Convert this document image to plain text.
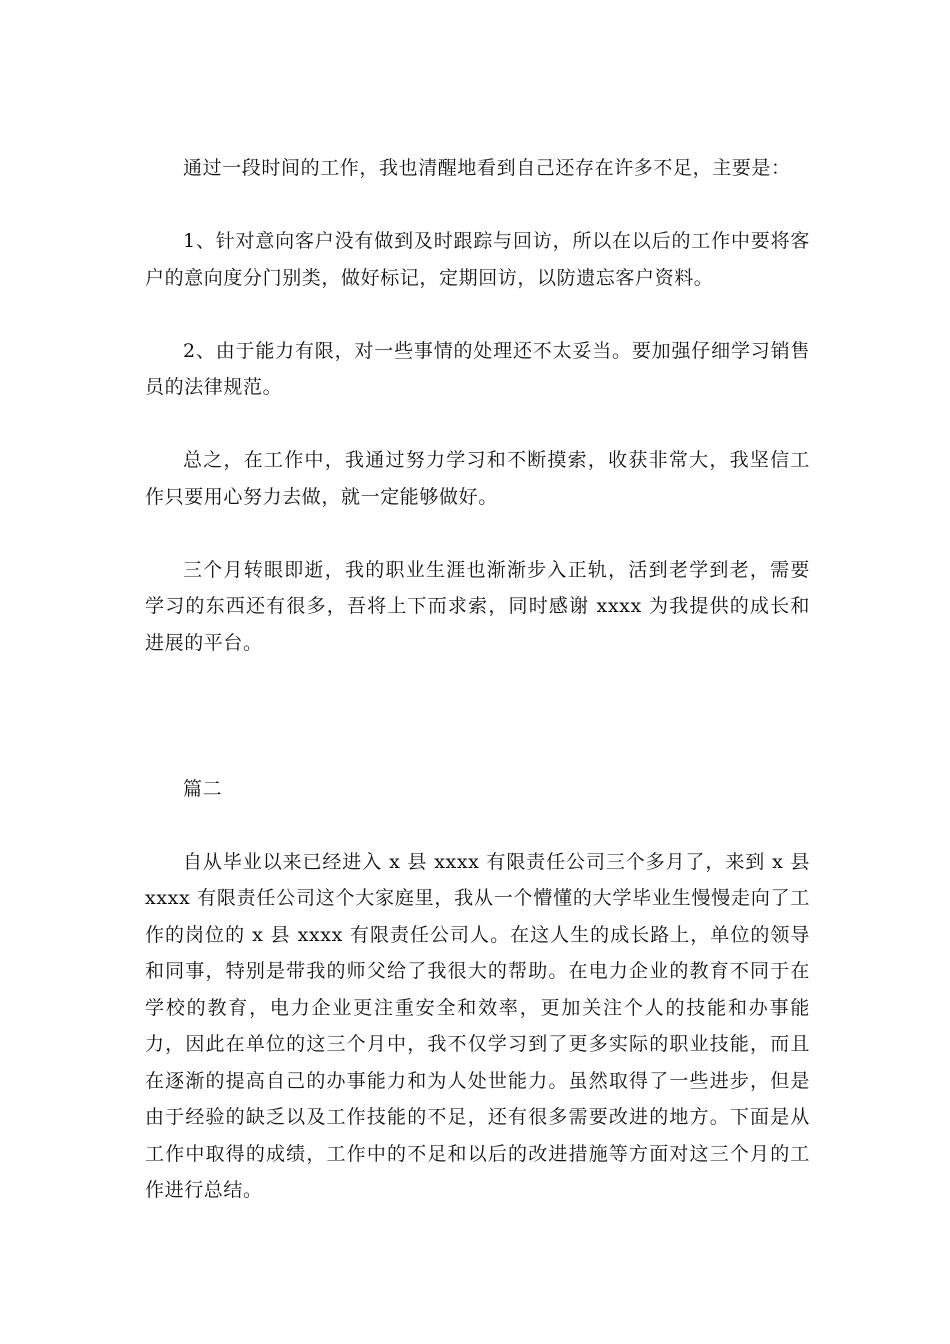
通过一段时间的工作，我也清醒地看到自己还存在许多不足，主要是：

1、针对意向客户没有做到及时跟踪与回访，所以在以后的工作中要将客户的意向度分门别类，做好标记，定期回访，以防遗忘客户资料。

2、由于能力有限，对一些事情的处理还不太妥当。要加强仔细学习销售员的法律规范。

总之，在工作中，我通过努力学习和不断摸索，收获非常大，我坚信工作只要用心努力去做，就一定能够做好。

三个月转眼即逝，我的职业生涯也渐渐步入正轨，活到老学到老，需要学习的东西还有很多，吾将上下而求索，同时感谢 xxxx 为我提供的成长和进展的平台。

篇二

自从毕业以来已经进入 x 县 xxxx 有限责任公司三个多月了，来到 x 县 xxxx 有限责任公司这个大家庭里，我从一个懵懂的大学毕业生慢慢走向了工作的岗位的 x 县 xxxx 有限责任公司人。在这人生的成长路上，单位的领导和同事，特别是带我的师父给了我很大的帮助。在电力企业的教育不同于在学校的教育，电力企业更注重安全和效率，更加关注个人的技能和办事能力，因此在单位的这三个月中，我不仅学习到了更多实际的职业技能，而且在逐渐的提高自己的办事能力和为人处世能力。虽然取得了一些进步，但是由于经验的缺乏以及工作技能的不足，还有很多需要改进的地方。下面是从工作中取得的成绩，工作中的不足和以后的改进措施等方面对这三个月的工作进行总结。
